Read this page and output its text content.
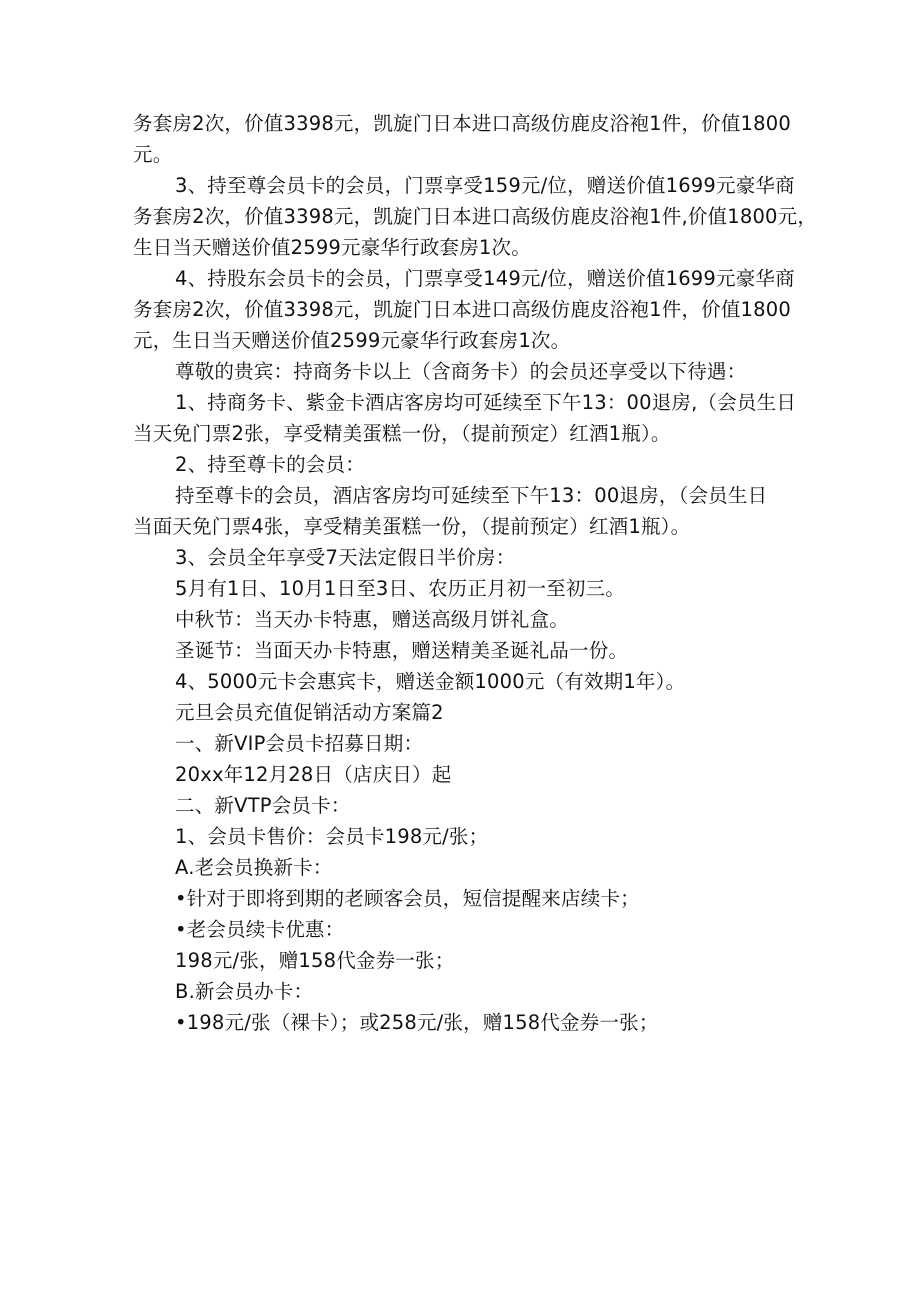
务套房2次，价值3398元，凯旋门日本进口高级仿鹿皮浴袍1件，价值1800
元。
3、持至尊会员卡的会员，门票享受159元/位，赠送价值1699元豪华商
务套房2次，价值3398元，凯旋门日本进口高级仿鹿皮浴袍1件,价值1800元，
生日当天赠送价值2599元豪华行政套房1次。
4、持股东会员卡的会员，门票享受149元/位，赠送价值1699元豪华商
务套房2次，价值3398元，凯旋门日本进口高级仿鹿皮浴袍1件，价值1800
元，生日当天赠送价值2599元豪华行政套房1次。
尊敬的贵宾：持商务卡以上（含商务卡）的会员还享受以下待遇：
1、持商务卡、紫金卡酒店客房均可延续至下午13：00退房,（会员生日
当天免门票2张，享受精美蛋糕一份，（提前预定）红酒1瓶）。
2、持至尊卡的会员：
持至尊卡的会员，酒店客房均可延续至下午13：00退房，（会员生日
当面天免门票4张，享受精美蛋糕一份，（提前预定）红酒1瓶）。
3、会员全年享受7天法定假日半价房：
5月有1日、10月1日至3日、农历正月初一至初三。
中秋节：当天办卡特惠，赠送高级月饼礼盒。
圣诞节：当面天办卡特惠，赠送精美圣诞礼品一份。
4、5000元卡会惠宾卡，赠送金额1000元（有效期1年）。
元旦会员充值促销活动方案篇2
一、新VIP会员卡招募日期：
20xx年12月28日（店庆日）起
二、新VTP会员卡：
1、会员卡售价：会员卡198元/张；
A.老会员换新卡：
•针对于即将到期的老顾客会员，短信提醒来店续卡；
•老会员续卡优惠：
198元/张，赠158代金券一张；
B.新会员办卡：
•198元/张（裸卡）；或258元/张，赠158代金券一张；
